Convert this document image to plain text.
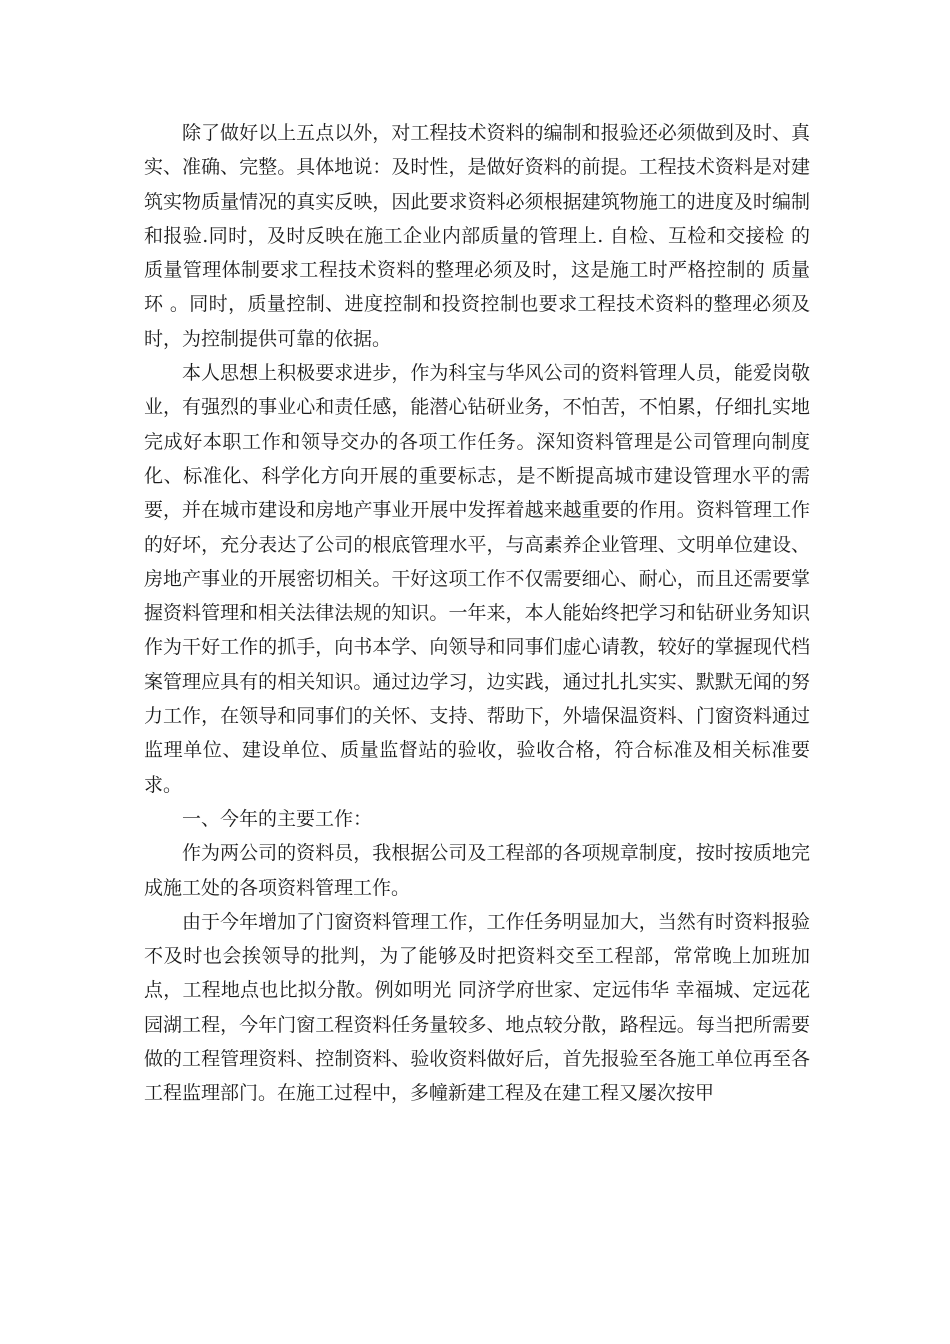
除了做好以上五点以外，对工程技术资料的编制和报验还必须做到及时、真实、准确、完整。具体地说：及时性，是做好资料的前提。工程技术资料是对建筑实物质量情况的真实反映，因此要求资料必须根据建筑物施工的进度及时编制和报验.同时，及时反映在施工企业内部质量的管理上. 自检、互检和交接检 的质量管理体制要求工程技术资料的整理必须及时，这是施工时严格控制的 质量环 。同时，质量控制、进度控制和投资控制也要求工程技术资料的整理必须及时，为控制提供可靠的依据。

本人思想上积极要求进步，作为科宝与华风公司的资料管理人员，能爱岗敬业，有强烈的事业心和责任感，能潜心钻研业务，不怕苦，不怕累，仔细扎实地完成好本职工作和领导交办的各项工作任务。深知资料管理是公司管理向制度化、标准化、科学化方向开展的重要标志，是不断提高城市建设管理水平的需要，并在城市建设和房地产事业开展中发挥着越来越重要的作用。资料管理工作的好坏，充分表达了公司的根底管理水平，与高素养企业管理、文明单位建设、房地产事业的开展密切相关。干好这项工作不仅需要细心、耐心，而且还需要掌握资料管理和相关法律法规的知识。一年来，本人能始终把学习和钻研业务知识作为干好工作的抓手，向书本学、向领导和同事们虚心请教，较好的掌握现代档案管理应具有的相关知识。通过边学习，边实践，通过扎扎实实、默默无闻的努力工作，在领导和同事们的关怀、支持、帮助下，外墙保温资料、门窗资料通过监理单位、建设单位、质量监督站的验收，验收合格，符合标准及相关标准要求。

一、今年的主要工作：

作为两公司的资料员，我根据公司及工程部的各项规章制度，按时按质地完成施工处的各项资料管理工作。

由于今年增加了门窗资料管理工作，工作任务明显加大，当然有时资料报验不及时也会挨领导的批判，为了能够及时把资料交至工程部，常常晚上加班加点，工程地点也比拟分散。例如明光 同济学府世家、定远伟华 幸福城、定远花园湖工程，今年门窗工程资料任务量较多、地点较分散，路程远。每当把所需要做的工程管理资料、控制资料、验收资料做好后，首先报验至各施工单位再至各工程监理部门。在施工过程中，多幢新建工程及在建工程又屡次按甲
